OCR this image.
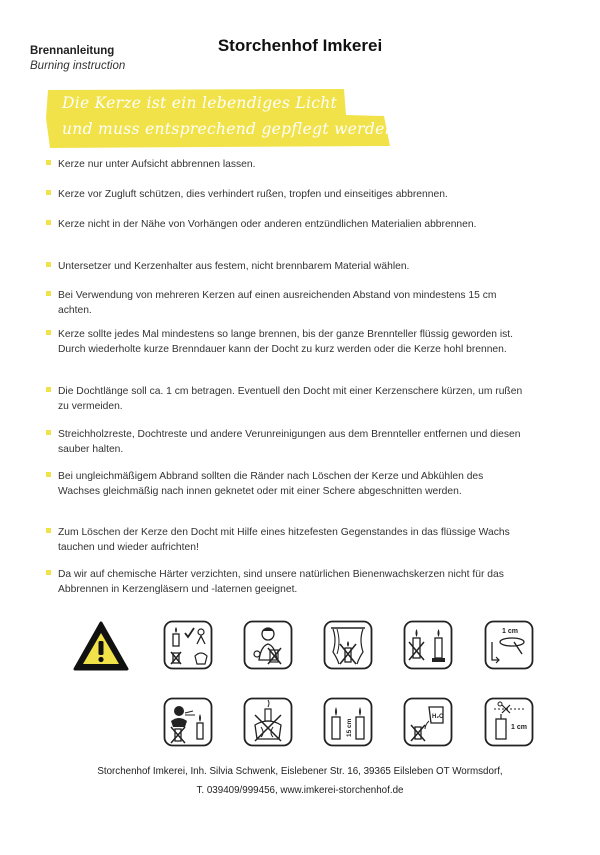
Storchenhof Imkerei
Brennanleitung
Burning instruction
Die Kerze ist ein lebendiges Licht
und muss entsprechend gepflegt werden.
Kerze nur unter Aufsicht abbrennen lassen.
Kerze vor Zugluft schützen, dies verhindert rußen, tropfen und einseitiges abbrennen.
Kerze nicht in der Nähe von Vorhängen oder anderen entzündlichen Materialien abbrennen.
Untersetzer und Kerzenhalter aus festem, nicht brennbarem Material wählen.
Bei Verwendung von mehreren Kerzen auf einen ausreichenden Abstand von mindestens 15 cm achten.
Kerze sollte jedes Mal mindestens so lange brennen, bis der ganze Brennteller flüssig geworden ist. Durch wiederholte kurze Brenndauer kann der Docht zu kurz werden oder die Kerze hohl brennen.
Die Dochtlänge soll ca. 1 cm betragen. Eventuell den Docht mit einer Kerzenschere kürzen, um rußen zu vermeiden.
Streichholzreste, Dochtreste und andere Verunreinigungen aus dem Brennteller entfernen und diesen sauber halten.
Bei ungleichmäßigem Abbrand sollten die Ränder nach Löschen der Kerze und Abkühlen des Wachses gleichmäßig nach innen geknetet oder mit einer Schere abgeschnitten werden.
Zum Löschen der Kerze den Docht mit Hilfe eines hitzefesten Gegenstandes in das flüssige Wachs tauchen und wieder aufrichten!
Da wir auf chemische Härter verzichten, sind unsere natürlichen Bienenwachskerzen nicht für das Abbrennen in Kerzengläsern und -laternen geeignet.
1 cm
15 cm
H₂O
1 cm
Storchenhof Imkerei, Inh. Silvia Schwenk, Eislebener Str. 16, 39365 Eilsleben OT Wormsdorf,
T. 039409/999456, www.imkerei-storchenhof.de
